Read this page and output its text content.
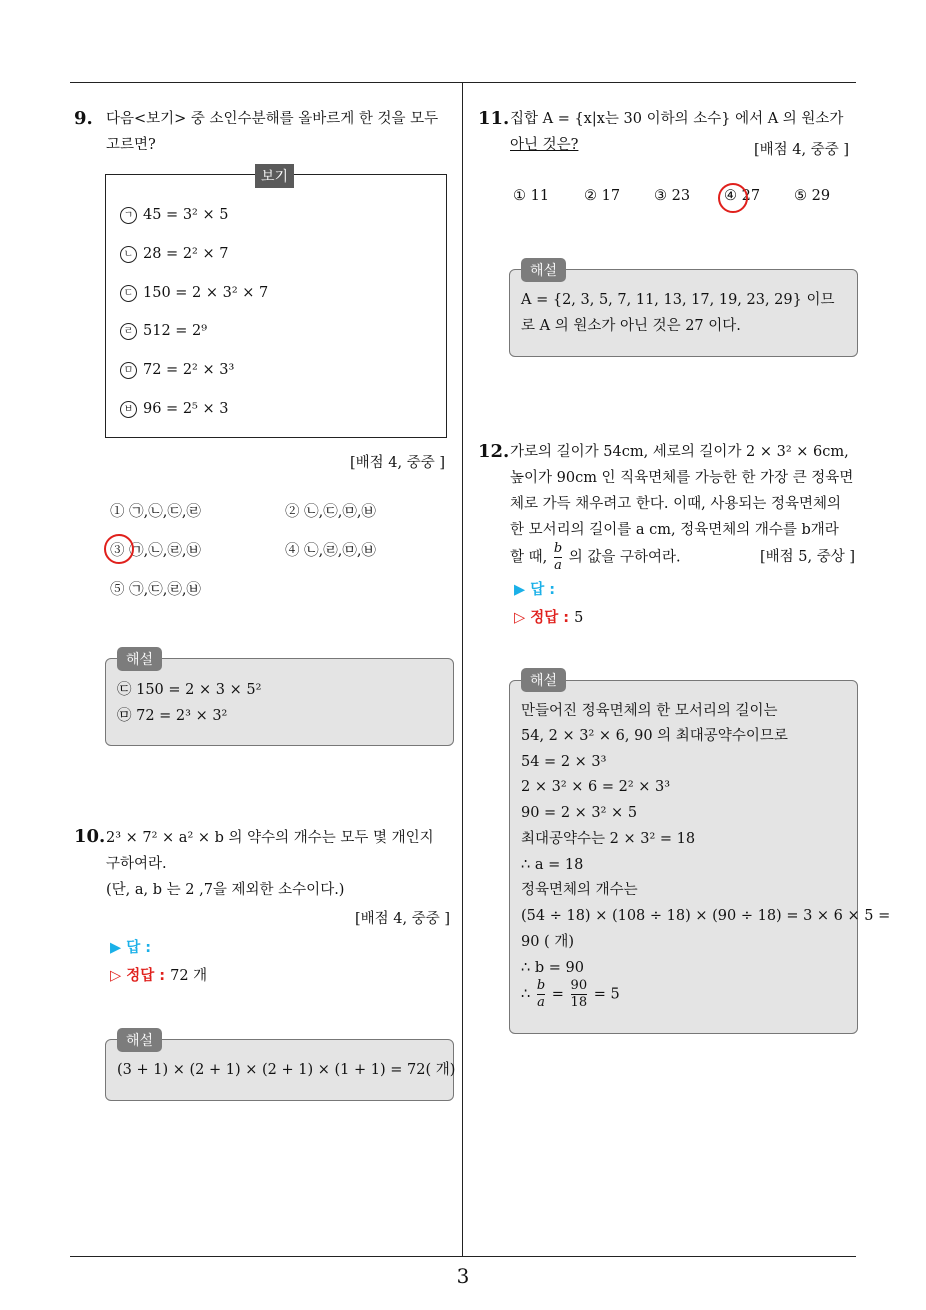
9. 다음<보기> 중 소인수분해를 올바르게 한 것을 모두
고르면?
보기
ㄱ 45 = 3² × 5
ㄴ 28 = 2² × 7
ㄷ 150 = 2 × 3² × 7
ㄹ 512 = 2⁹
ㅁ 72 = 2² × 3³
ㅂ 96 = 2⁵ × 3
[배점 4, 중중 ]
① ㉠,㉡,㉢,㉣	② ㉡,㉢,㉤,㉥
③ ㉠,㉡,㉣,㉥	④ ㉡,㉣,㉤,㉥
⑤ ㉠,㉢,㉣,㉥
해설
㉢ 150 = 2 × 3 × 5²
㉤ 72 = 2³ × 3²
10. 2³ × 7² × a² × b 의 약수의 개수는 모두 몇 개인지
구하여라.
(단, a, b 는 2 ,7을 제외한 소수이다.)
[배점 4, 중중 ]
▶ 답 :
▷ 정답 : 72 개
해설
(3 + 1) × (2 + 1) × (2 + 1) × (1 + 1) = 72( 개)
11. 집합 A = {x|x는 30 이하의 소수} 에서 A 의 원소가
아닌 것은?	[배점 4, 중중 ]
① 11 ② 17 ③ 23 ④ 27 ⑤ 29
해설
A = {2, 3, 5, 7, 11, 13, 17, 19, 23, 29} 이므
로 A 의 원소가 아닌 것은 27 이다.
12. 가로의 길이가 54cm, 세로의 길이가 2 × 3² × 6cm,
높이가 90cm 인 직육면체를 가능한 한 가장 큰 정육면
체로 가득 채우려고 한다. 이때, 사용되는 정육면체의
한 모서리의 길이를 a cm, 정육면체의 개수를 b개라
할 때, $\frac{b}{a}$ 의 값을 구하여라.	[배점 5, 중상 ]
▶ 답 :
▷ 정답 : 5
해설
만들어진 정육면체의 한 모서리의 길이는
54, 2 × 3² × 6, 90 의 최대공약수이므로
54 = 2 × 3³
2 × 3² × 6 = 2² × 3³
90 = 2 × 3² × 5
최대공약수는 2 × 3² = 18
∴ a = 18
정육면체의 개수는
(54 ÷ 18) × (108 ÷ 18) × (90 ÷ 18) = 3 × 6 × 5 =
90 ( 개)
∴ b = 90
∴ $\frac{b}{a} = \frac{90}{18} = 5$
3
